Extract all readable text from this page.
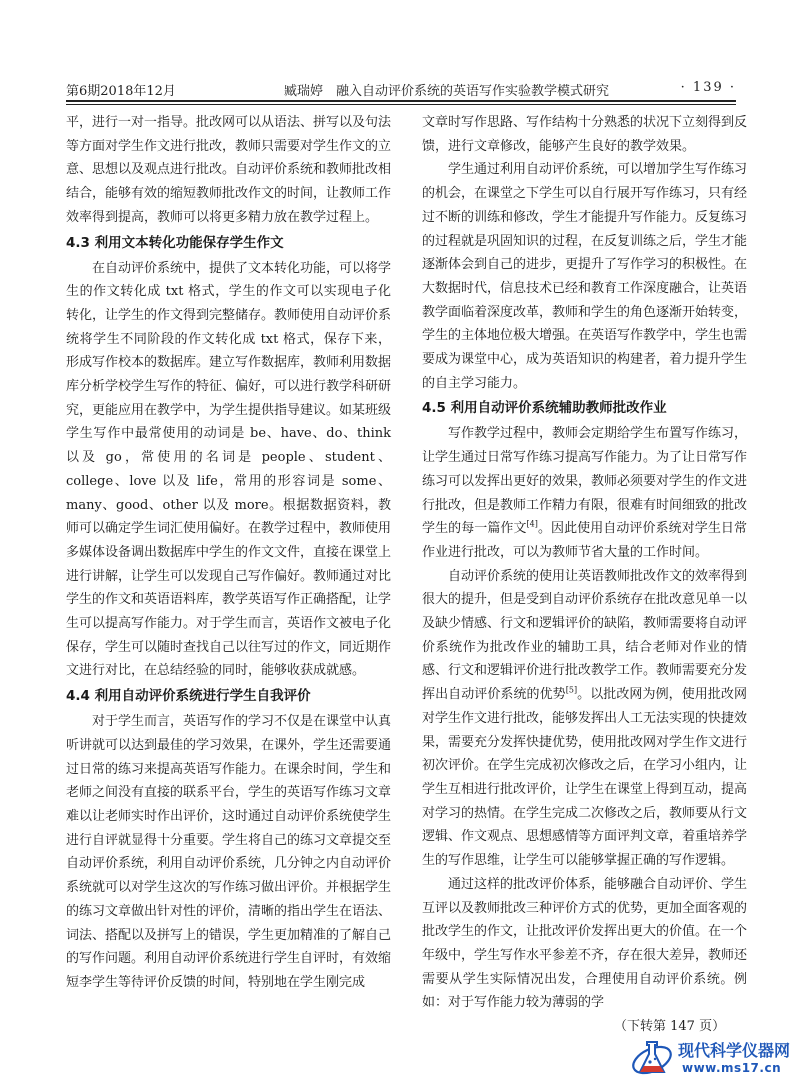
第6期2018年12月	臧瑞婷　融入自动评价系统的英语写作实验教学模式研究	· 139 ·

平，进行一对一指导。批改网可以从语法、拼写以及句法等方面对学生作文进行批改，教师只需要对学生作文的立意、思想以及观点进行批改。自动评价系统和教师批改相结合，能够有效的缩短教师批改作文的时间，让教师工作效率得到提高，教师可以将更多精力放在教学过程上。

4.3 利用文本转化功能保存学生作文

在自动评价系统中，提供了文本转化功能，可以将学生的作文转化成 txt 格式，学生的作文可以实现电子化转化，让学生的作文得到完整储存。教师使用自动评价系统将学生不同阶段的作文转化成 txt 格式，保存下来，形成写作校本的数据库。建立写作数据库，教师利用数据库分析学校学生写作的特征、偏好，可以进行教学科研研究，更能应用在教学中，为学生提供指导建议。如某班级学生写作中最常使用的动词是 be、have、do、think 以及 go，常使用的名词是 people、student、college、love 以及 life，常用的形容词是 some、many、good、other 以及 more。根据数据资料，教师可以确定学生词汇使用偏好。在教学过程中，教师使用多媒体设备调出数据库中学生的作文文件，直接在课堂上进行讲解，让学生可以发现自己写作偏好。教师通过对比学生的作文和英语语料库，教学英语写作正确搭配，让学生可以提高写作能力。对于学生而言，英语作文被电子化保存，学生可以随时查找自己以往写过的作文，同近期作文进行对比，在总结经验的同时，能够收获成就感。

4.4 利用自动评价系统进行学生自我评价

对于学生而言，英语写作的学习不仅是在课堂中认真听讲就可以达到最佳的学习效果，在课外，学生还需要通过日常的练习来提高英语写作能力。在课余时间，学生和老师之间没有直接的联系平台，学生的英语写作练习文章难以让老师实时作出评价，这时通过自动评价系统使学生进行自评就显得十分重要。学生将自己的练习文章提交至自动评价系统，利用自动评价系统，几分钟之内自动评价系统就可以对学生这次的写作练习做出评价。并根据学生的练习文章做出针对性的评价，清晰的指出学生在语法、词法、搭配以及拼写上的错误，学生更加精准的了解自己的写作问题。利用自动评价系统进行学生自评时，有效缩短李学生等待评价反馈的时间，特别地在学生刚完成

文章时写作思路、写作结构十分熟悉的状况下立刻得到反馈，进行文章修改，能够产生良好的教学效果。

学生通过利用自动评价系统，可以增加学生写作练习的机会，在课堂之下学生可以自行展开写作练习，只有经过不断的训练和修改，学生才能提升写作能力。反复练习的过程就是巩固知识的过程，在反复训练之后，学生才能逐渐体会到自己的进步，更提升了写作学习的积极性。在大数据时代，信息技术已经和教育工作深度融合，让英语教学面临着深度改革，教师和学生的角色逐渐开始转变，学生的主体地位极大增强。在英语写作教学中，学生也需要成为课堂中心，成为英语知识的构建者，着力提升学生的自主学习能力。

4.5 利用自动评价系统辅助教师批改作业

写作教学过程中，教师会定期给学生布置写作练习，让学生通过日常写作练习提高写作能力。为了让日常写作练习可以发挥出更好的效果，教师必须要对学生的作文进行批改，但是教师工作精力有限，很难有时间细致的批改学生的每一篇作文[4]。因此使用自动评价系统对学生日常作业进行批改，可以为教师节省大量的工作时间。

自动评价系统的使用让英语教师批改作文的效率得到很大的提升，但是受到自动评价系统存在批改意见单一以及缺少情感、行文和逻辑评价的缺陷，教师需要将自动评价系统作为批改作业的辅助工具，结合老师对作业的情感、行文和逻辑评价进行批改教学工作。教师需要充分发挥出自动评价系统的优势[5]。以批改网为例，使用批改网对学生作文进行批改，能够发挥出人工无法实现的快捷效果，需要充分发挥快捷优势，使用批改网对学生作文进行初次评价。在学生完成初次修改之后，在学习小组内，让学生互相进行批改评价，让学生在课堂上得到互动，提高对学习的热情。在学生完成二次修改之后，教师要从行文逻辑、作文观点、思想感情等方面评判文章，着重培养学生的写作思维，让学生可以能够掌握正确的写作逻辑。

通过这样的批改评价体系，能够融合自动评价、学生互评以及教师批改三种评价方式的优势，更加全面客观的批改学生的作文，让批改评价发挥出更大的价值。在一个年级中，学生写作水平参差不齐，存在很大差异，教师还需要从学生实际情况出发，合理使用自动评价系统。例如：对于写作能力较为薄弱的学

（下转第 147 页）
现代科学仪器网
www.ms17.cn
